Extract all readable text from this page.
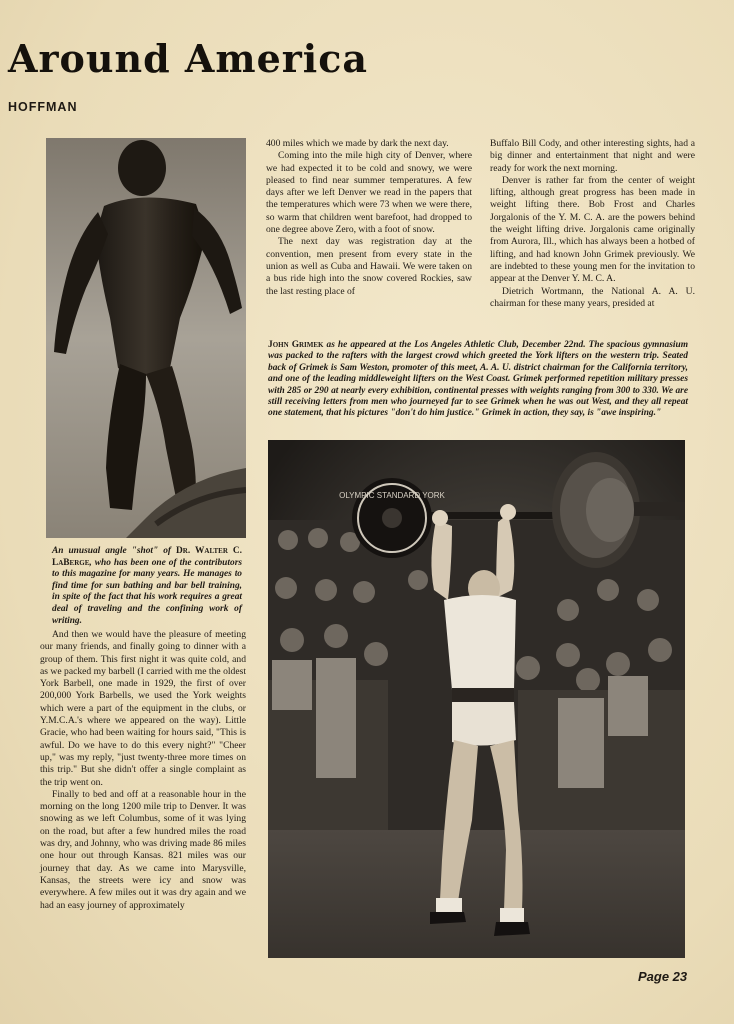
Around America
HOFFMAN
An unusual angle "shot" of Dr. Walter C. LaBerge, who has been one of the contributors to this magazine for many years. He manages to find time for sun bathing and bar bell training, in spite of the fact that his work requires a great deal of traveling and the confining work of writing.

And then we would have the pleasure of meeting our many friends, and finally going to dinner with a group of them. This first night it was quite cold, and as we packed my barbell (I carried with me the oldest York Barbell, one made in 1929, the first of over 200,000 York Barbells, we used the York weights which were a part of the equipment in the clubs, or Y.M.C.A.'s where we appeared on the way). Little Gracie, who had been waiting for hours said, "This is awful. Do we have to do this every night?" "Cheer up," was my reply, "just twenty-three more times on this trip." But she didn't offer a single complaint as the trip went on.

Finally to bed and off at a reasonable hour in the morning on the long 1200 mile trip to Denver. It was snowing as we left Columbus, some of it was lying on the road, but after a few hundred miles the road was dry, and Johnny, who was driving made 86 miles one hour out through Kansas. 821 miles was our journey that day. As we came into Marysville, Kansas, the streets were icy and snow was everywhere. A few miles out it was dry again and we had an easy journey of approximately

400 miles which we made by dark the next day.

Coming into the mile high city of Denver, where we had expected it to be cold and snowy, we were pleased to find near summer temperatures. A few days after we left Denver we read in the papers that the temperatures which were 73 when we were there, so warm that children went barefoot, had dropped to one degree above Zero, with a foot of snow.

The next day was registration day at the convention, men present from every state in the union as well as Cuba and Hawaii. We were taken on a bus ride high into the snow covered Rockies, saw the last resting place of

Buffalo Bill Cody, and other interesting sights, had a big dinner and entertainment that night and were ready for work the next morning.

Denver is rather far from the center of weight lifting, although great progress has been made in weight lifting there. Bob Frost and Charles Jorgalonis of the Y. M. C. A. are the powers behind the weight lifting drive. Jorgalonis came originally from Aurora, Ill., which has always been a hotbed of lifting, and had known John Grimek previously. We are indebted to these young men for the invitation to appear at the Denver Y. M. C. A.

Dietrich Wortmann, the National A. A. U. chairman for these many years, presided at

John Grimek as he appeared at the Los Angeles Athletic Club, December 22nd. The spacious gymnasium was packed to the rafters with the largest crowd which greeted the York lifters on the western trip. Seated back of Grimek is Sam Weston, promoter of this meet, A. A. U. district chairman for the California territory, and one of the leading middleweight lifters on the West Coast. Grimek performed repetition military presses with 285 or 290 at nearly every exhibition, continental presses with weights ranging from 300 to 330. We are still receiving letters from men who journeyed far to see Grimek when he was out West, and they all repeat one statement, that his pictures "don't do him justice." Grimek in action, they say, is "awe inspiring."
OLYMPIC STANDARD YORK
Page 23
